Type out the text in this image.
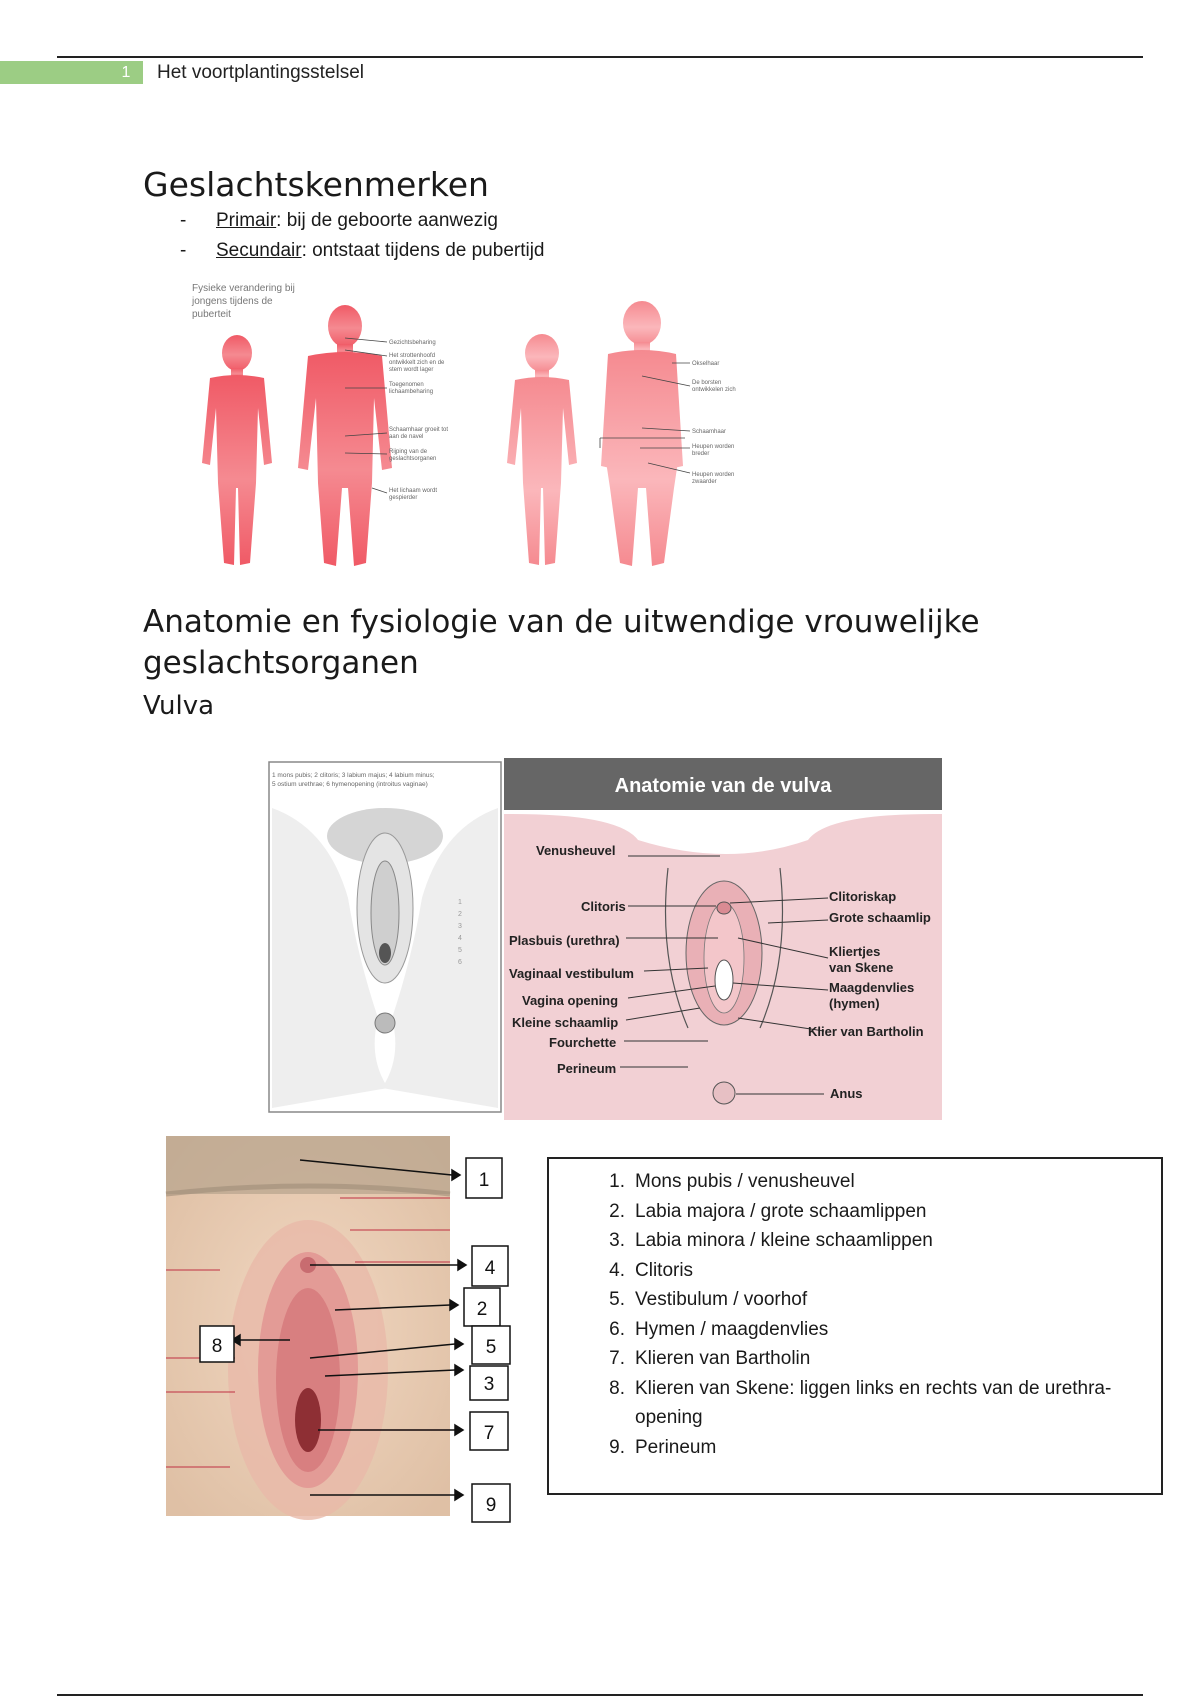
1	Het voortplantingsstelsel
Geslachtskenmerken
- Primair: bij de geboorte aanwezig
- Secundair: ontstaat tijdens de pubertijd
Fysieke verandering bij
jongens tijdens de
puberteit
Gezichtsbeharing
Het strottenhoofd ontwikkelt zich en de stem wordt lager
Toegenomen lichaambeharing
Schaamhaar groeit tot aan de navel
Rijping van de geslachtsorganen
Het lichaam wordt gespierder
Okselhaar
De borsten ontwikkelen zich
Schaamhaar
Heupen worden breder
Heupen worden zwaarder
Anatomie en fysiologie van de uitwendige vrouwelijke geslachtsorganen
Vulva
1 mons pubis; 2 clitoris; 3 labium majus; 4 labium minus;
5 ostium urethrae; 6 hymenopening (introitus vaginae)
1
2
3
4
5
6
Anatomie van de vulva
Venusheuvel
Clitoris
Plasbuis (urethra)
Vaginaal vestibulum
Vagina opening
Kleine schaamlip
Fourchette
Perineum
Clitoriskap
Grote schaamlip
Kliertjes
van Skene
Maagdenvlies
(hymen)
Klier van Bartholin
Anus
1
4
2
8	5
3
7
9
1. Mons pubis / venusheuvel
2. Labia majora / grote schaamlippen
3. Labia minora / kleine schaamlippen
4. Clitoris
5. Vestibulum / voorhof
6. Hymen / maagdenvlies
7. Klieren van Bartholin
8. Klieren van Skene: liggen links en rechts van de urethra-
opening
9. Perineum
